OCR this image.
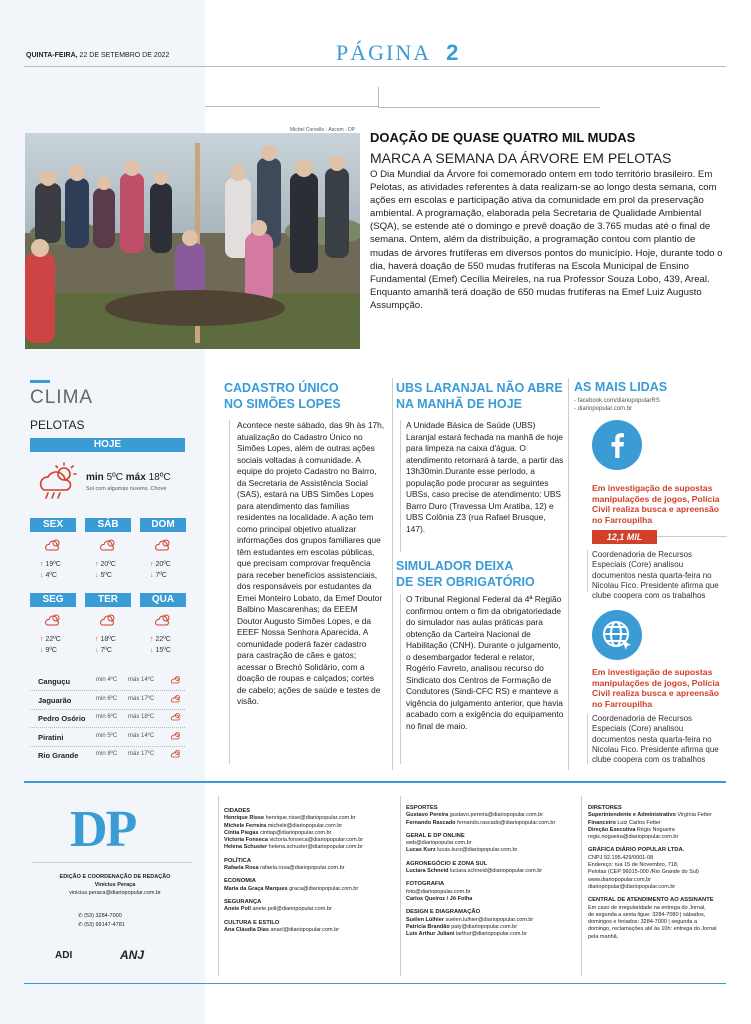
QUINTA-FEIRA, 22 DE SETEMBRO DE 2022	PÁGINA 2
Michel Corvello - Ascom - DP DOAÇÃO DE QUASE QUATRO MIL MUDAS
MARCA A SEMANA DA ÁRVORE EM PELOTAS
O Dia Mundial da Árvore foi comemorado ontem em todo território brasileiro. Em Pelotas, as atividades referentes à data realizam-se ao longo desta semana, com ações em escolas e participação ativa da comunidade em prol da preservação ambiental. A programação, elaborada pela Secretaria de Qualidade Ambiental (SQA), se estende até o domingo e prevê doação de 3.765 mudas até o final de semana. Ontem, além da distribuição, a programação contou com plantio de mudas de árvores frutíferas em diversos pontos do município. Hoje, durante todo o dia, haverá doação de 550 mudas frutíferas na Escola Municipal de Ensino Fundamental (Emef) Cecília Meireles, na rua Professor Souza Lobo, 439, Areal. Enquanto amanhã terá doação de 650 mudas frutíferas na Emef Luiz Augusto Assumpção.
CLIMA
PELOTAS
HOJE
min 5ºC máx 18ºC
Sol com algumas nuvens. Chove
SEX
↑ 19ºC
↓ 4ºC
SÁB
↑ 20ºC
↓ 5ºC
DOM
↑ 20ºC
↓ 7ºC
SEG
↑ 22ºC
↓ 9ºC
TER
↑ 18ºC
↓ 7ºC
QUA
↑ 22ºC
↓ 15ºC
Canguçu	min 4ºC máx 14ºC
Jaguarão	min 6ºC máx 17ºC
Pedro Osório min 6ºC máx 18ºC
Piratini	min 5ºC máx 14ºC
Rio Grande	min 8ºC máx 17ºC
CADASTRO ÚNICO
NO SIMÕES LOPES
Acontece neste sábado, das 9h às 17h, atualização do Cadastro Único no Simões Lopes, além de outras ações sociais voltadas à comunidade. A equipe do projeto Cadastro no Bairro, da Secretaria de Assistência Social (SAS), estará na UBS Simões Lopes para atendimento das famílias residentes na localidade. A ação tem como principal objetivo atualizar informações dos grupos familiares que têm estudantes em escolas públicas, que precisam comprovar frequência para receber benefícios assistenciais, dos responsáveis por estudantes da Emei Monteiro Lobato, da Emef Doutor Balbino Mascarenhas; da EEEM Doutor Augusto Simões Lopes, e da EEEF Nossa Senhora Aparecida. A comunidade poderá fazer cadastro para castração de cães e gatos; acessar o Brechó Solidário, com a doação de roupas e calçados; cortes de cabelo; ações de saúde e testes de visão.
UBS LARANJAL NÃO ABRE
NA MANHÃ DE HOJE
A Unidade Básica de Saúde (UBS) Laranjal estará fechada na manhã de hoje para limpeza na caixa d'água. O atendimento retornará à tarde, a partir das 13h30min.Durante esse período, a população pode procurar as seguintes UBSs, caso precise de atendimento: UBS Barro Duro (Travessa Um Aratiba, 12) e UBS Colônia Z3 (rua Rafael Brusque, 147).
SIMULADOR DEIXA
DE SER OBRIGATÓRIO
O Tribunal Regional Federal da 4ª Região confirmou ontem o fim da obrigatoriedade do simulador nas aulas práticas para obtenção da Carteira Nacional de Habilitação (CNH). Durante o julgamento, o desembargador federal e relator, Rogério Favreto, analisou recurso do Sindicato dos Centros de Formação de Condutores (Sindi-CFC RS) e manteve a vigência do julgamento anterior, que havia acabado com a exigência do equipamento no final de maio.
AS MAIS LIDAS
- facebook.com/diariopopularRS
- diariopopular.com.br
Em investigação de supostas manipulações de jogos, Polícia Civil realiza busca e apreensão no Farroupilha
12,1 MIL
Coordenadoria de Recursos Especiais (Core) analisou documentos nesta quarta-feira no Nicolau Fico. Presidente afirma que clube coopera com os trabalhos
Em investigação de supostas manipulações de jogos, Polícia Civil realiza busca e apreensão no Farroupilha
Coordenadoria de Recursos Especiais (Core) analisou documentos nesta quarta-feira no Nicolau Fico. Presidente afirma que clube coopera com os trabalhos
DP
EDIÇÃO E COORDENAÇÃO DE REDAÇÃO
Vinícius Peraça
vinicius.peraca@diariopopular.com.br
✆ (53) 3284-7000
✆ (53) 99147-4781
ADI	ANJ
CIDADES
Henrique Risse henrique.risse@diariopopular.com.br
Michele Ferreira michele@diariopopular.com.br
Cíntia Piegas cintiap@diariopopular.com.br
Victoria Fonseca victoria.fonseca@diariopopular.com.br
Helena Schuster helena.schuster@diariopopular.com.br
POLÍTICA
Rafaela Rosa rafaela.rosa@diariopopular.com.br
ECONOMIA
Maria da Graça Marques graca@diariopopular.com.br
SEGURANÇA
Anete Poll anete.poll@diariopopular.com.br
CULTURA E ESTILO
Ana Cláudia Dias anacl@diariopopular.com.br
ESPORTES
Gustavo Pereira gustavo.pereira@diariopopular.com.br
Fernando Rascado fernando.rascado@diariopopular.com.br
GERAL E DP ONLINE
web@diariopopular.com.br
Lucas Kurz lucas.kurz@diariopopular.com.br
AGRONEGÓCIO E ZONA SUL
Luciara Schneid luciara.schneid@diariopopular.com.br
FOTOGRAFIA
foto@diariopopular.com.br
Carlos Queiroz / Jô Folha
DESIGN E DIAGRAMAÇÃO
Suélen Lúlhier suelen.lulhier@diariopopular.com.br
Patrícia Brandão paty@diariopopular.com.br
Luís Arthur Juliani larthur@diariopopular.com.br
DIRETORES
Superintendente e Administrativo Virgínia Fetter
Financeiro Luiz Carlos Fetter
Direção Executiva Régis Nogueira
regis.nogueira@diariopopular.com.br
GRÁFICA DIÁRIO POPULAR LTDA.
CNPJ 92.195.429/0001-08
Endereço: rua 15 de Novembro, 718,
Pelotas (CEP 96015-000 /Rio Grande do Sul)
www.diariopopular.com.br
diariopopular@diariopopular.com.br
CENTRAL DE ATENDIMENTO AO ASSINANTE
Em caso de irregularidade na entrega do Jornal,
de segunda a sexta ligue: 3284-7080 | sábados,
domingos e feriados: 3284-7000 | segunda a
domingo, reclamações até às 10h: entrega do Jornal
pela manhã.
